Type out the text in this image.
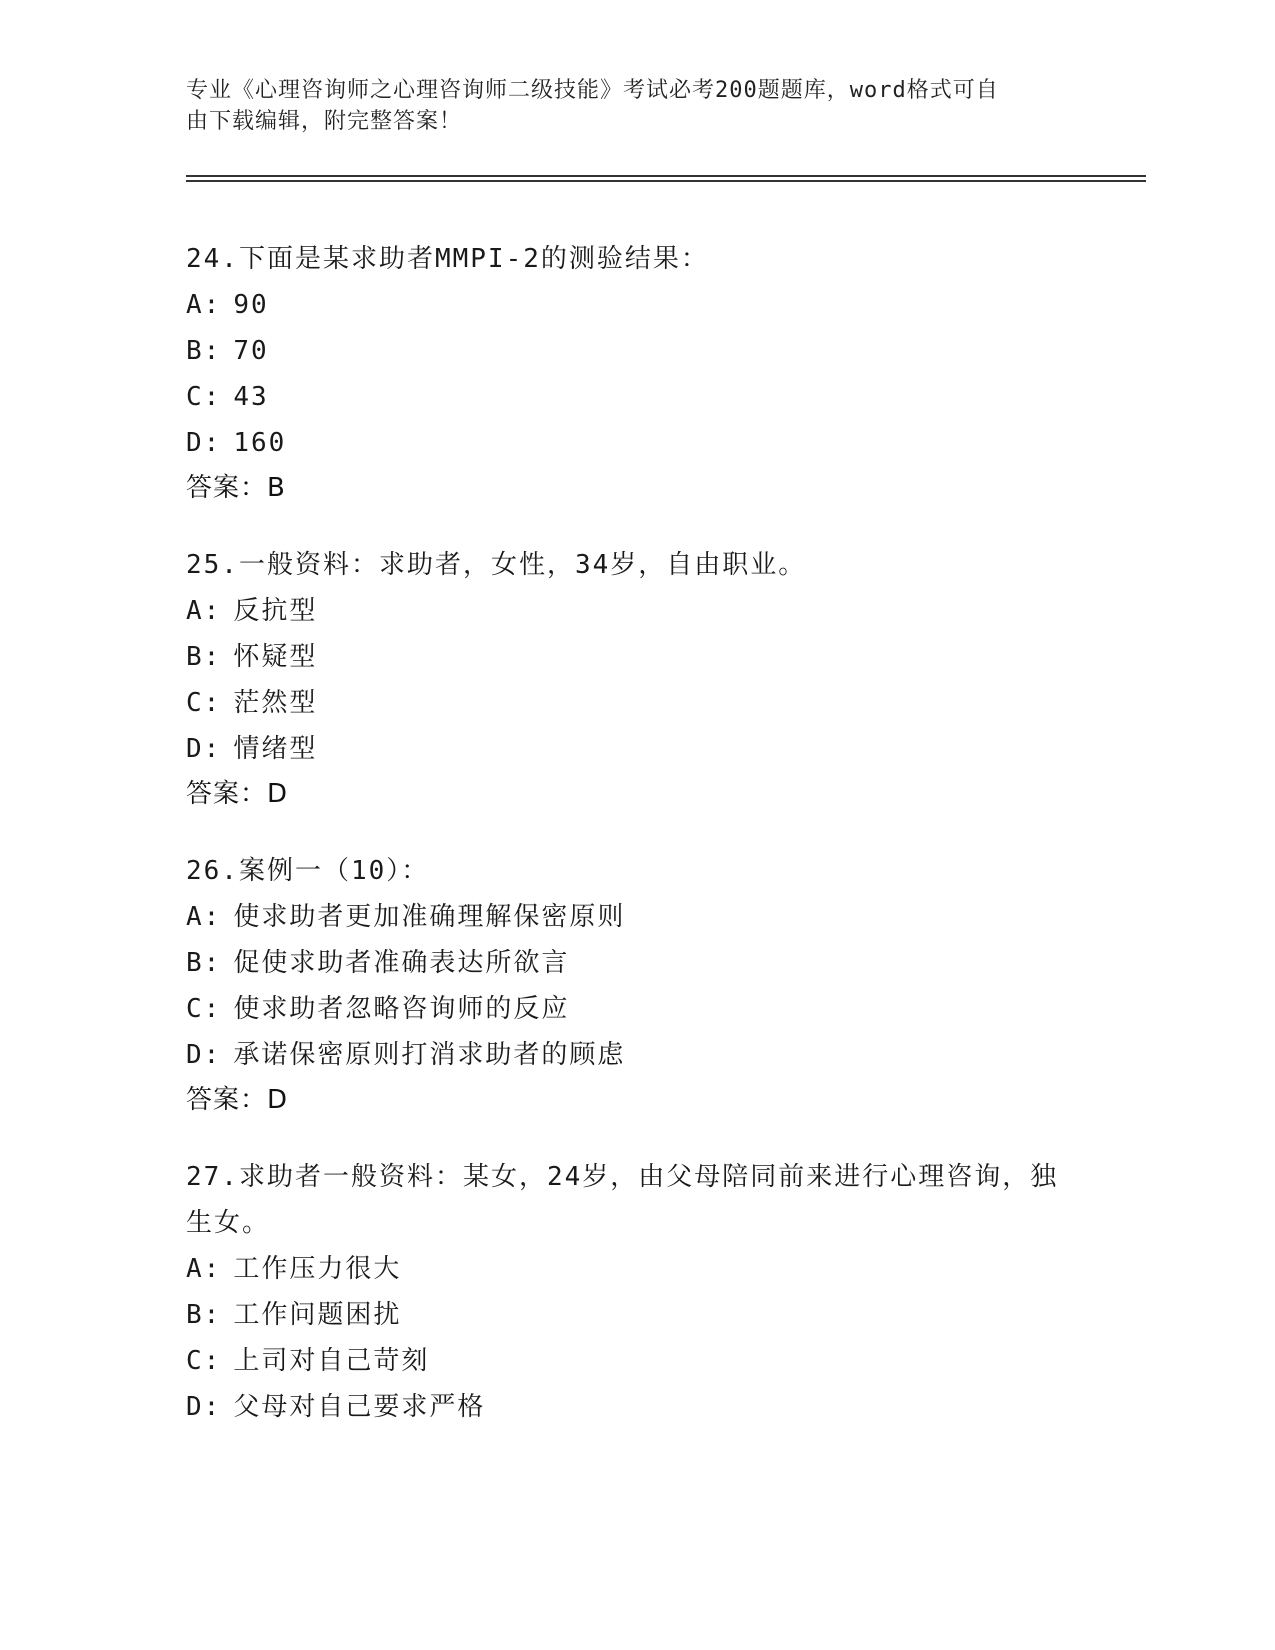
专业《心理咨询师之心理咨询师二级技能》考试必考200题题库，word格式可自
由下载编辑，附完整答案！
24.下面是某求助者MMPI-2的测验结果：
A: 90
B: 70
C: 43
D: 160
答案：B
25.一般资料：求助者，女性，34岁，自由职业。
A: 反抗型
B: 怀疑型
C: 茫然型
D: 情绪型
答案：D
26.案例一（10）：
A: 使求助者更加准确理解保密原则
B: 促使求助者准确表达所欲言
C: 使求助者忽略咨询师的反应
D: 承诺保密原则打消求助者的顾虑
答案：D
27.求助者一般资料：某女，24岁，由父母陪同前来进行心理咨询，独
生女。
A: 工作压力很大
B: 工作问题困扰
C: 上司对自己苛刻
D: 父母对自己要求严格
